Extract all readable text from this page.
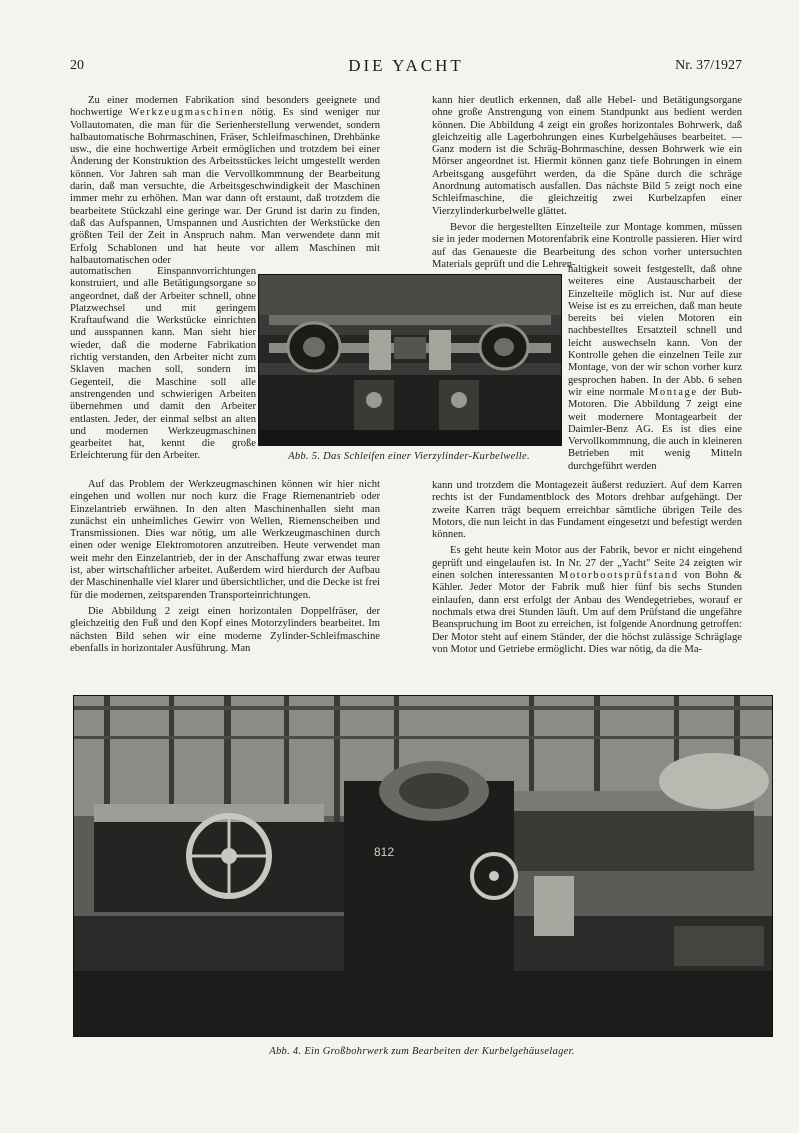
20	DIE YACHT	Nr. 37/1927

Zu einer modernen Fabrikation sind besonders geeignete und hochwertige Werkzeugmaschinen nötig. Es sind weniger nur Vollautomaten, die man für die Serienherstellung verwendet, sondern halbautomatische Bohrmaschinen, Fräser, Schleifmaschinen, Drehbänke usw., die eine hochwertige Arbeit ermöglichen und trotzdem bei einer Änderung der Konstruktion des Arbeitsstückes leicht umgestellt werden können. Vor Jahren sah man die Vervollkommnung der Bearbeitung darin, daß man versuchte, die Arbeitsgeschwindigkeit der Maschinen immer mehr zu erhöhen. Man war dann oft erstaunt, daß trotzdem die bearbeitete Stückzahl eine geringe war. Der Grund ist darin zu finden, daß das Aufspannen, Umspannen und Ausrichten der Werkstücke den größten Teil der Zeit in Anspruch nahm. Man verwendete dann mit Erfolg Schablonen und hat heute vor allem Maschinen mit halbautomatischen oder

automatischen Einspannvorrichtungen konstruiert, und alle Betätigungsorgane so angeordnet, daß der Arbeiter schnell, ohne Platzwechsel und mit geringem Kraftaufwand die Werkstücke einrichten und ausspannen kann. Man sieht hier wieder, daß die moderne Fabrikation richtig verstanden, den Arbeiter nicht zum Sklaven machen soll, sondern im Gegenteil, die Maschine soll alle anstrengenden und schwierigen Arbeiten übernehmen und damit den Arbeiter entlasten. Jeder, der einmal selbst an alten und modernen Werkzeugmaschinen gearbeitet hat, kennt die große Erleichterung für den Arbeiter.

Auf das Problem der Werkzeugmaschinen können wir hier nicht eingehen und wollen nur noch kurz die Frage Riemenantrieb oder Einzelantrieb erwähnen. In den alten Maschinenhallen sieht man zunächst ein unheimliches Gewirr von Wellen, Riemenscheiben und Transmissionen. Dies war nötig, um alle Werkzeugmaschinen durch einen oder wenige Elektromotoren anzutreiben. Heute verwendet man weit mehr den Einzelantrieb, der in der Anschaffung zwar etwas teurer ist, aber wirtschaftlicher arbeitet. Außerdem wird hierdurch der Aufbau der Maschinenhalle viel klarer und übersichtlicher, und die Decke ist frei für die modernen, zeitsparenden Transporteinrichtungen.

Die Abbildung 2 zeigt einen horizontalen Doppelfräser, der gleichzeitig den Fuß und den Kopf eines Motorzylinders bearbeitet. Im nächsten Bild sehen wir eine moderne Zylinder-Schleifmaschine ebenfalls in horizontaler Ausführung. Man

kann hier deutlich erkennen, daß alle Hebel- und Betätigungsorgane ohne große Anstrengung von einem Standpunkt aus bedient werden können. Die Abbildung 4 zeigt ein großes horizontales Bohrwerk, daß gleichzeitig alle Lagerbohrungen eines Kurbelgehäuses bearbeitet. —Ganz modern ist die Schräg-Bohrmaschine, dessen Bohrwerk wie ein Mörser angeordnet ist. Hiermit können ganz tiefe Bohrungen in einem Arbeitsgang ausgeführt werden, da die Späne durch die schräge Anordnung automatisch ausfallen. Das nächste Bild 5 zeigt noch eine Schleifmaschine, die gleichzeitig zwei Kurbelzapfen einer Vierzylinderkurbelwelle glättet.

Bevor die hergestellten Einzelteile zur Montage kommen, müssen sie in jeder modernen Motorenfabrik eine Kontrolle passieren. Hier wird auf das Genaueste die Bearbeitung des schon vorher untersuchten Materials geprüft und die Lehren-

haltigkeit soweit festgestellt, daß ohne weiteres eine Austauscharbeit der Einzelteile möglich ist. Nur auf diese Weise ist es zu erreichen, daß man heute bereits bei vielen Motoren ein nachbestelltes Ersatzteil schnell und leicht auswechseln kann. Von der Kontrolle gehen die einzelnen Teile zur Montage, von der wir schon vorher kurz gesprochen haben. In der Abb. 6 sehen wir eine normale Montage der Bub-Motoren. Die Abbildung 7 zeigt eine weit modernere Montagearbeit der Daimler-Benz AG. Es ist dies eine Vervollkommnung, die auch in kleineren Betrieben mit wenig Mitteln durchgeführt werden

kann und trotzdem die Montagezeit äußerst reduziert. Auf dem Karren rechts ist der Fundamentblock des Motors drehbar aufgehängt. Der zweite Karren trägt bequem erreichbar sämtliche übrigen Teile des Motors, die nun leicht in das Fundament eingesetzt und befestigt werden können.

Es geht heute kein Motor aus der Fabrik, bevor er nicht eingehend geprüft und eingelaufen ist. In Nr. 27 der „Yacht" Seite 24 zeigten wir einen solchen interessanten Motorbootsprüfstand von Bohn & Kähler. Jeder Motor der Fabrik muß hier fünf bis sechs Stunden einlaufen, dann erst erfolgt der Anbau des Wendegetriebes, worauf er nochmals etwa drei Stunden läuft. Um auf dem Prüfstand die ungefähre Beanspruchung im Boot zu erreichen, ist folgende Anordnung getroffen: Der Motor steht auf einem Ständer, der die höchst zulässige Schräglage von Motor und Getriebe ermöglicht. Dies war nötig, da die Ma-

Abb. 5. Das Schleifen einer Vierzylinder-Kurbelwelle.
812
Abb. 4. Ein Großbohrwerk zum Bearbeiten der Kurbelgehäuselager.
